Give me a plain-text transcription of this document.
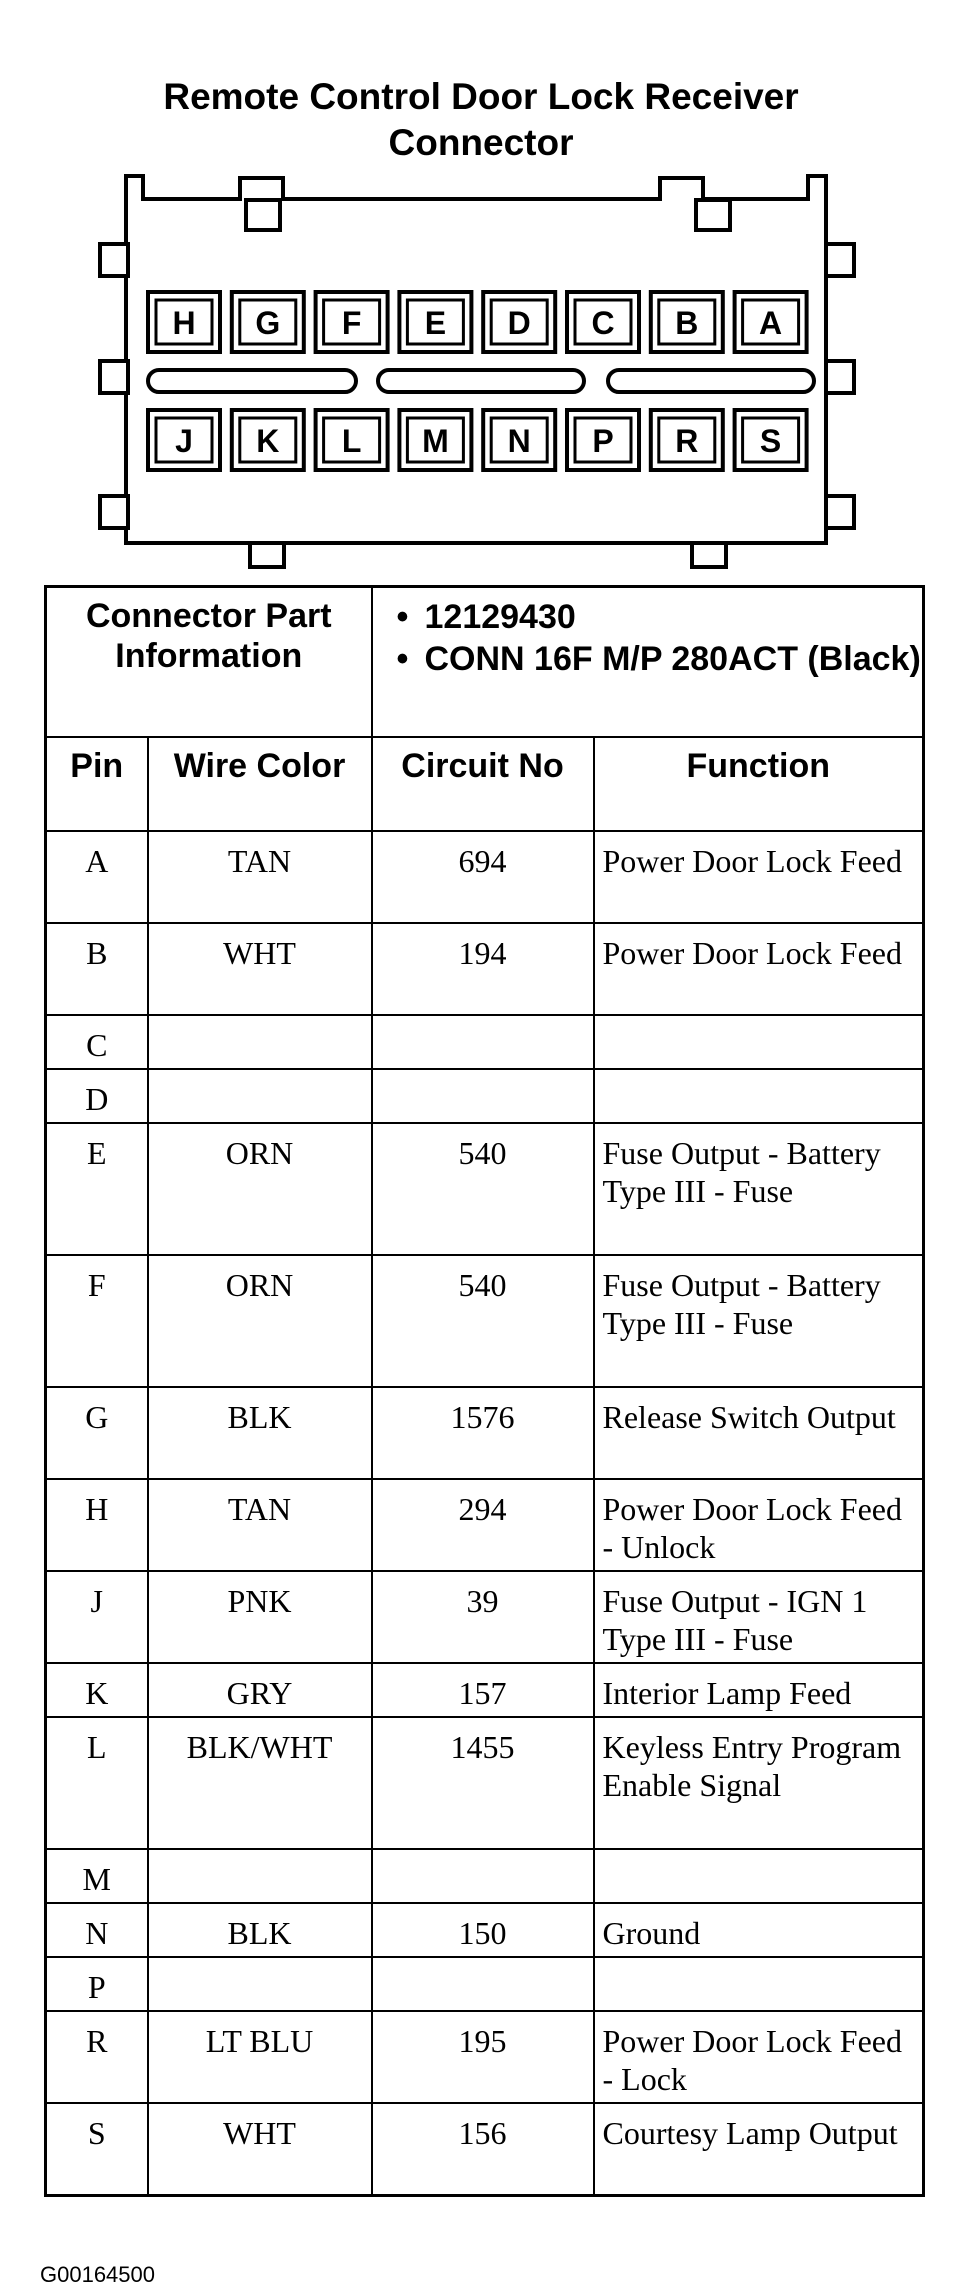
Remote Control Door Lock Receiver
Connector
H G F E D C B A
J K L M N P R S
Connector Part Information		• 12129430
• CONN 16F M/P 280ACT (Black)

Pin	Wire Color	Circuit No	Function
A	TAN	694	Power Door Lock Feed
B	WHT	194	Power Door Lock Feed
C			
D			
E	ORN	540	Fuse Output - Battery Type III - Fuse
F	ORN	540	Fuse Output - Battery Type III - Fuse
G	BLK	1576	Release Switch Output
H	TAN	294	Power Door Lock Feed - Unlock
J	PNK	39	Fuse Output - IGN 1 Type III - Fuse
K	GRY	157	Interior Lamp Feed
L	BLK/WHT	1455	Keyless Entry Program Enable Signal
M			
N	BLK	150	Ground
P			
R	LT BLU	195	Power Door Lock Feed - Lock
S	WHT	156	Courtesy Lamp Output
G00164500
